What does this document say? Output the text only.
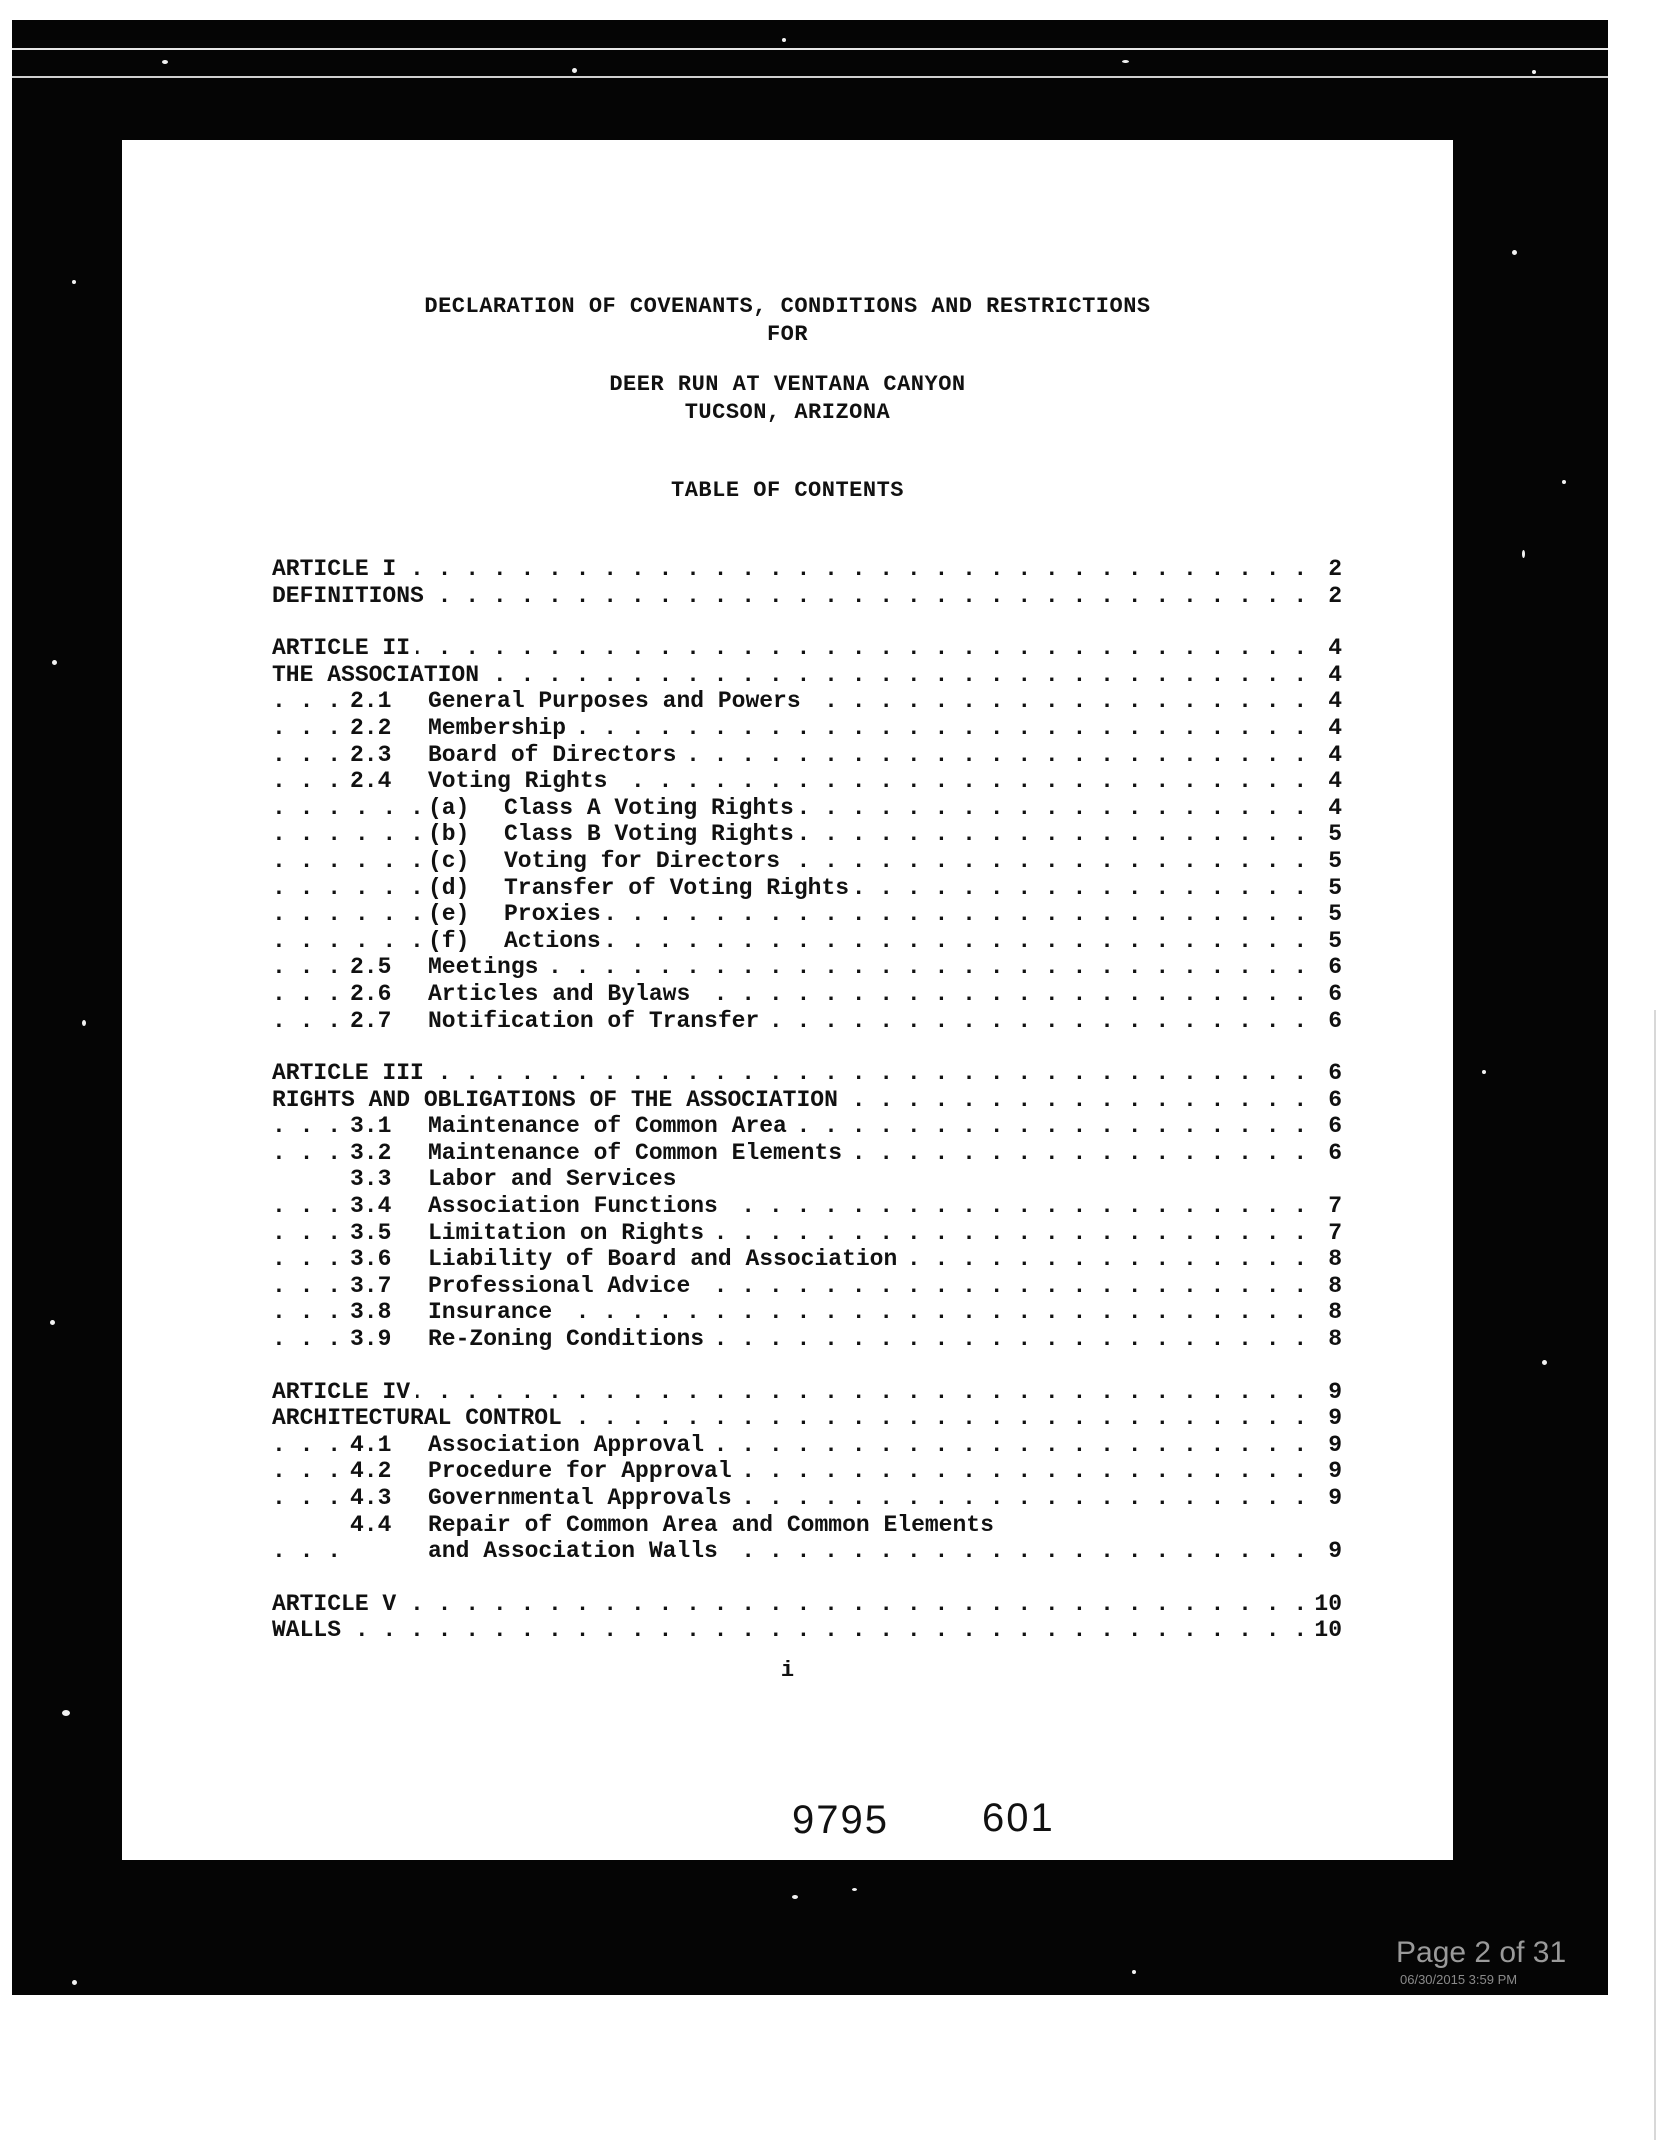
DECLARATION OF COVENANTS, CONDITIONS AND RESTRICTIONS
FOR
DEER RUN AT VENTANA CANYON
TUCSON, ARIZONA
TABLE OF CONTENTS
. . .
ARTICLE I .	2
. . .
DEFINITIONS	2
. . .
ARTICLE II	4
. . .
THE ASSOCIATION	4
. . .
2.1 General Purposes and Powers	4
. . .
2.2 Membership	4
. . .
2.3 Board of Directors	4
. . .
2.4 Voting Rights	4
. . .
(a) Class A Voting Rights	4
. . .
(b) Class B Voting Rights	5
. . .
(c) Voting for Directors	5
. . .
(d) Transfer of Voting Rights	5
. . .
(e) Proxies	5
. . .
(f) Actions	5
. . .
2.5 Meetings	6
. . .
2.6 Articles and Bylaws	6
. . .
2.7 Notification of Transfer	6
. . .
ARTICLE III	6
. . .
RIGHTS AND OBLIGATIONS OF THE ASSOCIATION	6
. . .
3.1 Maintenance of Common Area	6
. . .
3.2 Maintenance of Common Elements	6
3.3 Labor and Services
. . .
3.4 Association Functions	7
. . .
3.5 Limitation on Rights	7
. . .
3.6 Liability of Board and Association	8
. . .
3.7 Professional Advice	8
. . .
3.8 Insurance	8
. . .
3.9 Re-Zoning Conditions	8
. . .
ARTICLE IV	9
. . .
ARCHITECTURAL CONTROL	9
. . .
4.1 Association Approval	9
. . .
4.2 Procedure for Approval	9
. . .
4.3 Governmental Approvals	9
4.4 Repair of Common Area and Common Elements
. . .
and Association Walls	9
. . .
ARTICLE V	10
. . .
WALLS	10
i
9795 601
Page 2 of 31
06/30/2015 3:59 PM
